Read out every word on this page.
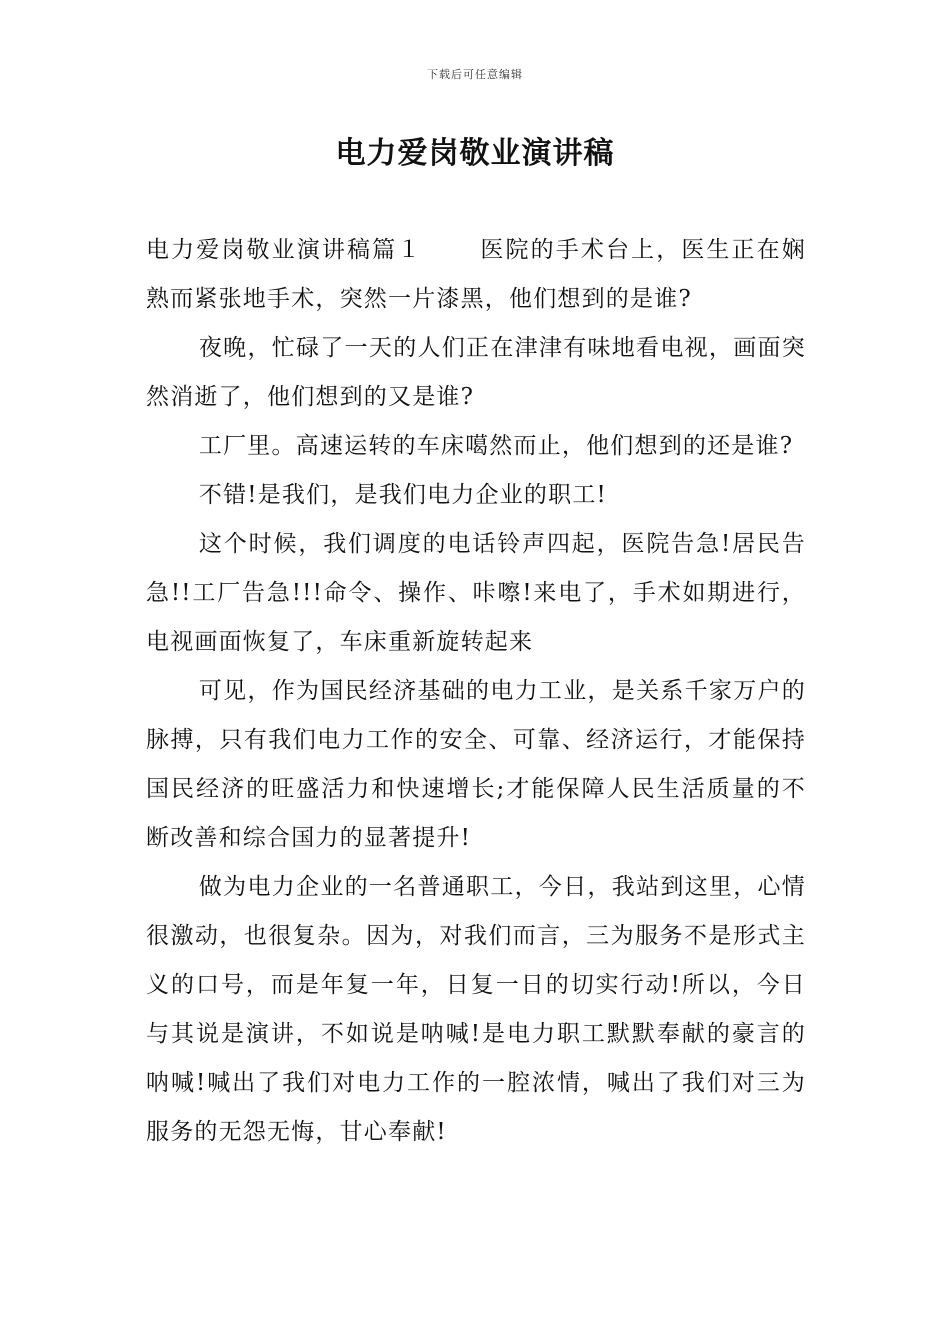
下载后可任意编辑
电力爱岗敬业演讲稿

电力爱岗敬业演讲稿篇１	医院的手术台上，医生正在娴熟而紧张地手术，突然一片漆黑，他们想到的是谁?

夜晚，忙碌了一天的人们正在津津有味地看电视，画面突然消逝了，他们想到的又是谁?

工厂里。高速运转的车床噶然而止，他们想到的还是谁?

不错!是我们，是我们电力企业的职工!

这个时候，我们调度的电话铃声四起，医院告急!居民告急!!工厂告急!!!命令、操作、咔嚓!来电了，手术如期进行，电视画面恢复了，车床重新旋转起来

可见，作为国民经济基础的电力工业，是关系千家万户的脉搏，只有我们电力工作的安全、可靠、经济运行，才能保持国民经济的旺盛活力和快速增长;才能保障人民生活质量的不断改善和综合国力的显著提升!

做为电力企业的一名普通职工，今日，我站到这里，心情很激动，也很复杂。因为，对我们而言，三为服务不是形式主义的口号，而是年复一年，日复一日的切实行动!所以，今日与其说是演讲，不如说是呐喊!是电力职工默默奉献的豪言的呐喊!喊出了我们对电力工作的一腔浓情，喊出了我们对三为服务的无怨无悔，甘心奉献!
